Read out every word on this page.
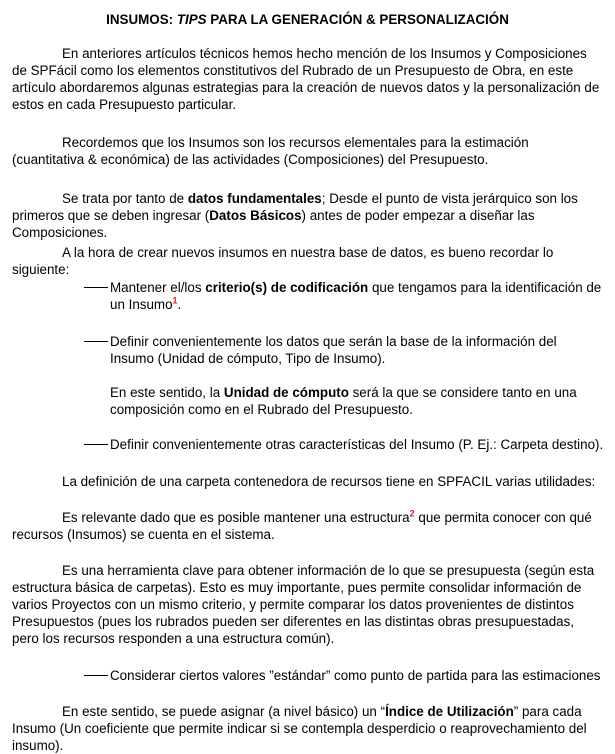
INSUMOS: TIPS PARA LA GENERACIÓN & PERSONALIZACIÓN

En anteriores artículos técnicos hemos hecho mención de los Insumos y Composiciones de SPFácil como los elementos constitutivos del Rubrado de un Presupuesto de Obra, en este artículo abordaremos algunas estrategias para la creación de nuevos datos y la personalización de estos en cada Presupuesto particular.

Recordemos que los Insumos son los recursos elementales para la estimación (cuantitativa & económica) de las actividades (Composiciones) del Presupuesto.

Se trata por tanto de datos fundamentales; Desde el punto de vista jerárquico son los primeros que se deben ingresar (Datos Básicos) antes de poder empezar a diseñar las Composiciones.

A la hora de crear nuevos insumos en nuestra base de datos, es bueno recordar lo siguiente:

Mantener el/los criterio(s) de codificación que tengamos para la identificación de un Insumo$^1$.

Definir convenientemente los datos que serán la base de la información del Insumo (Unidad de cómputo, Tipo de Insumo).

En este sentido, la Unidad de cómputo será la que se considere tanto en una composición como en el Rubrado del Presupuesto.

Definir convenientemente otras características del Insumo (P. Ej.: Carpeta destino).

La definición de una carpeta contenedora de recursos tiene en SPFACIL varias utilidades:

Es relevante dado que es posible mantener una estructura$^2$ que permita conocer con qué recursos (Insumos) se cuenta en el sistema.

Es una herramienta clave para obtener información de lo que se presupuesta (según esta estructura básica de carpetas). Esto es muy importante, pues permite consolidar información de varios Proyectos con un mismo criterio, y permite comparar los datos provenientes de distintos Presupuestos (pues los rubrados pueden ser diferentes en las distintas obras presupuestadas, pero los recursos responden a una estructura común).

Considerar ciertos valores ”estándar” como punto de partida para las estimaciones

En este sentido, se puede asignar (a nivel básico) un “Índice de Utilización” para cada Insumo (Un coeficiente que permite indicar si se contempla desperdicio o reaprovechamiento del insumo).
